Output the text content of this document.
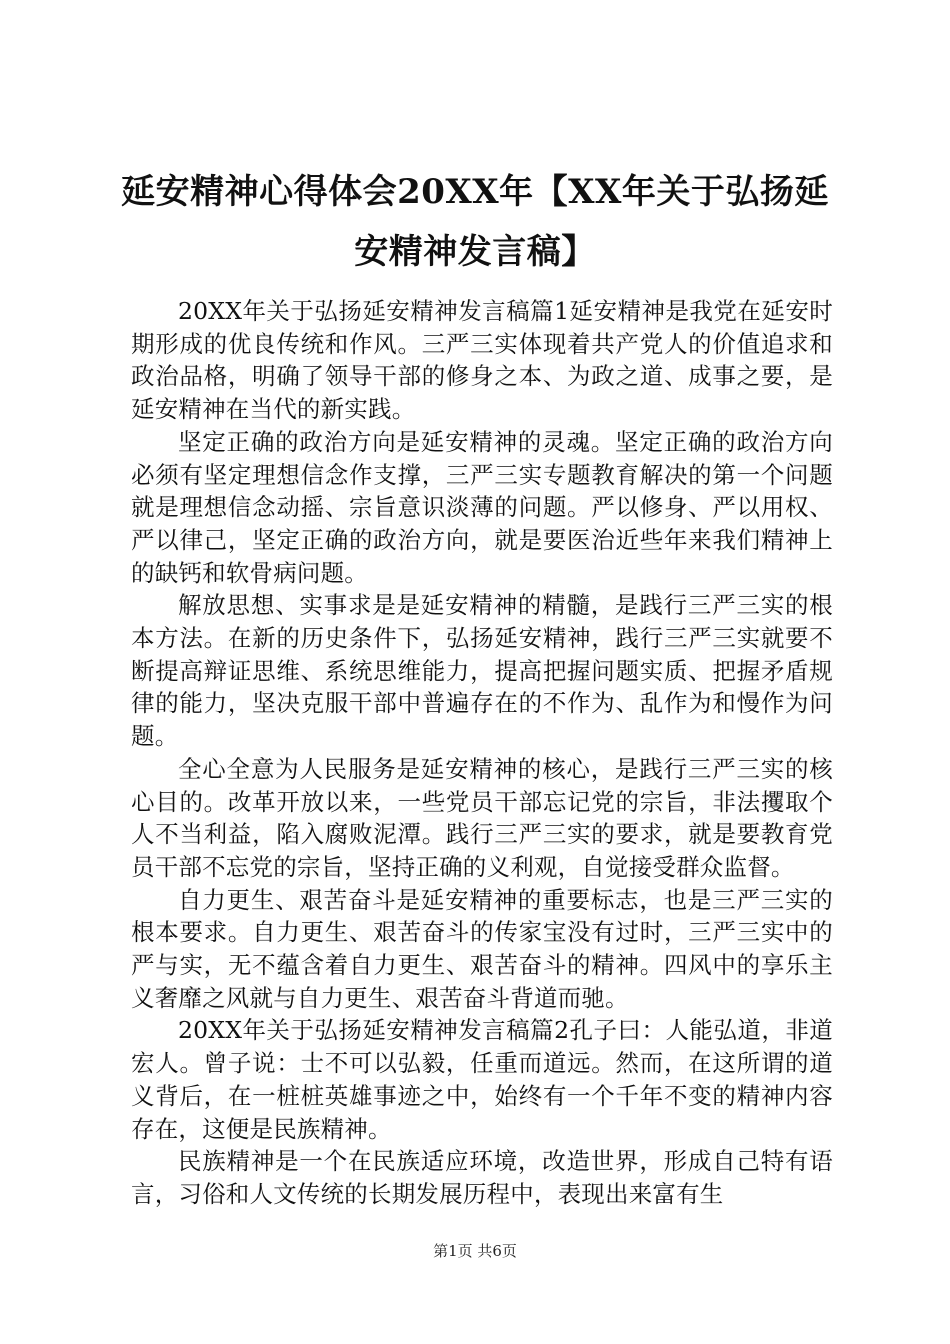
延安精神心得体会20XX年【XX年关于弘扬延安精神发言稿】

20XX年关于弘扬延安精神发言稿篇1延安精神是我党在延安时期形成的优良传统和作风。三严三实体现着共产党人的价值追求和政治品格，明确了领导干部的修身之本、为政之道、成事之要，是延安精神在当代的新实践。

坚定正确的政治方向是延安精神的灵魂。坚定正确的政治方向必须有坚定理想信念作支撑，三严三实专题教育解决的第一个问题就是理想信念动摇、宗旨意识淡薄的问题。严以修身、严以用权、严以律己，坚定正确的政治方向，就是要医治近些年来我们精神上的缺钙和软骨病问题。

解放思想、实事求是是延安精神的精髓，是践行三严三实的根本方法。在新的历史条件下，弘扬延安精神，践行三严三实就要不断提高辩证思维、系统思维能力，提高把握问题实质、把握矛盾规律的能力，坚决克服干部中普遍存在的不作为、乱作为和慢作为问题。

全心全意为人民服务是延安精神的核心，是践行三严三实的核心目的。改革开放以来，一些党员干部忘记党的宗旨，非法攫取个人不当利益，陷入腐败泥潭。践行三严三实的要求，就是要教育党员干部不忘党的宗旨，坚持正确的义利观，自觉接受群众监督。

自力更生、艰苦奋斗是延安精神的重要标志，也是三严三实的根本要求。自力更生、艰苦奋斗的传家宝没有过时，三严三实中的严与实，无不蕴含着自力更生、艰苦奋斗的精神。四风中的享乐主义奢靡之风就与自力更生、艰苦奋斗背道而驰。

20XX年关于弘扬延安精神发言稿篇2孔子曰：人能弘道，非道宏人。曾子说：士不可以弘毅，任重而道远。然而，在这所谓的道义背后，在一桩桩英雄事迹之中，始终有一个千年不变的精神内容存在，这便是民族精神。

民族精神是一个在民族适应环境，改造世界，形成自己特有语言，习俗和人文传统的长期发展历程中，表现出来富有生

第1页 共6页
